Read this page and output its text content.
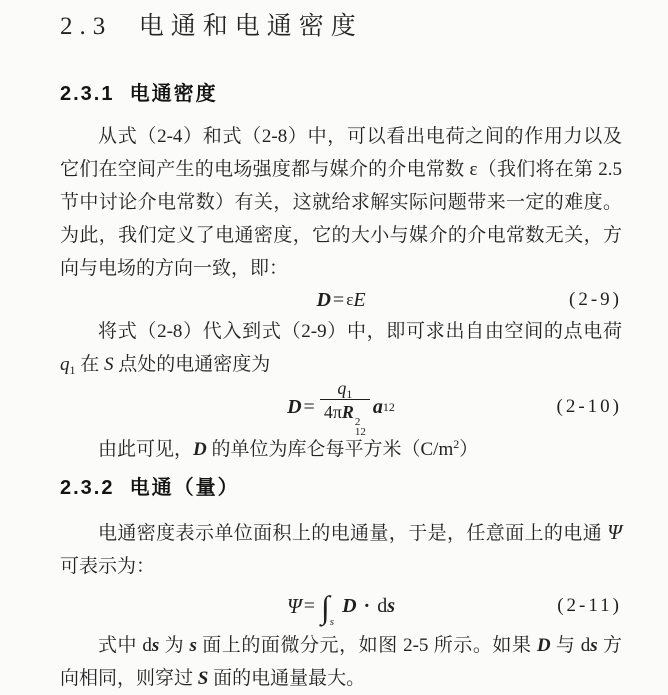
2.3  电通和电通密度
2.3.1  电通密度

从式（2-4）和式（2-8）中，可以看出电荷之间的作用力以及它们在空间产生的电场强度都与媒介的介电常数 ε（我们将在第 2.5 节中讨论介电常数）有关，这就给求解实际问题带来一定的难度。为此，我们定义了电通密度，它的大小与媒介的介电常数无关，方向与电场的方向一致，即：

D = ε E	(2-9)

将式（2-8）代入到式（2-9）中，即可求出自由空间的点电荷 $q_1$ 在 S 点处的电通密度为

$D = q_1$
4πR 2
12 a 12	(2-10)

由此可见，D 的单位为库仑每平方米$(C/m^2)$

2.3.2  电通（量）

电通密度表示单位面积上的电通量，于是，任意面上的电通 Ψ 可表示为：

Ψ = ∫ s
D · d s	(2-11)

式中 ds 为 s 面上的面微分元，如图 2-5 所示。如果 D 与 ds 方向相同，则穿过 S 面的电通量最大。
